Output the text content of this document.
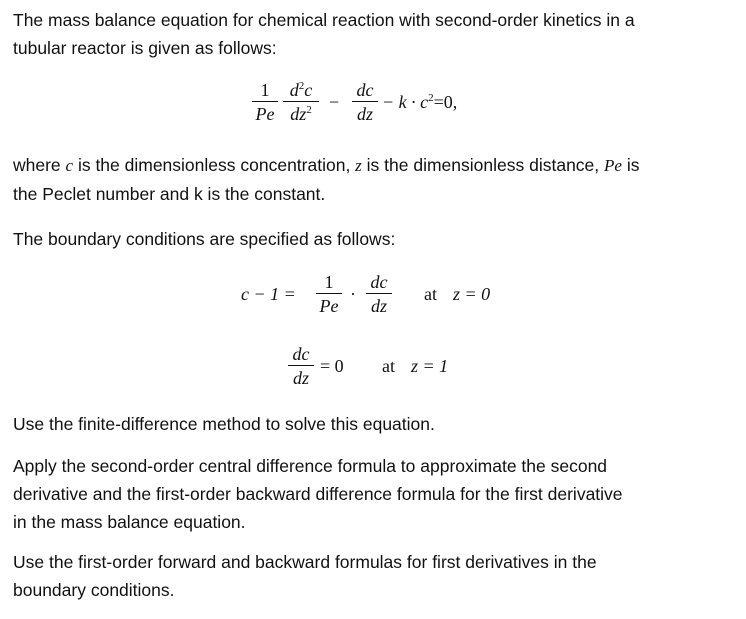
The mass balance equation for chemical reaction with second-order kinetics in a
tubular reactor is given as follows:
1
Pe
$d^2c$
$dz^2$ −
dc
dz
− $k \cdot c^2=0$,
where c is the dimensionless concentration, z is the dimensionless distance, Pe is
the Peclet number and k is the constant.
The boundary conditions are specified as follows:
c − 1 =
1
Pe
·
dc
dz
at z = 0
dc
dz
= 0 at z = 1
Use the finite-difference method to solve this equation.
Apply the second-order central difference formula to approximate the second
derivative and the first-order backward difference formula for the first derivative
in the mass balance equation.
Use the first-order forward and backward formulas for first derivatives in the
boundary conditions.
